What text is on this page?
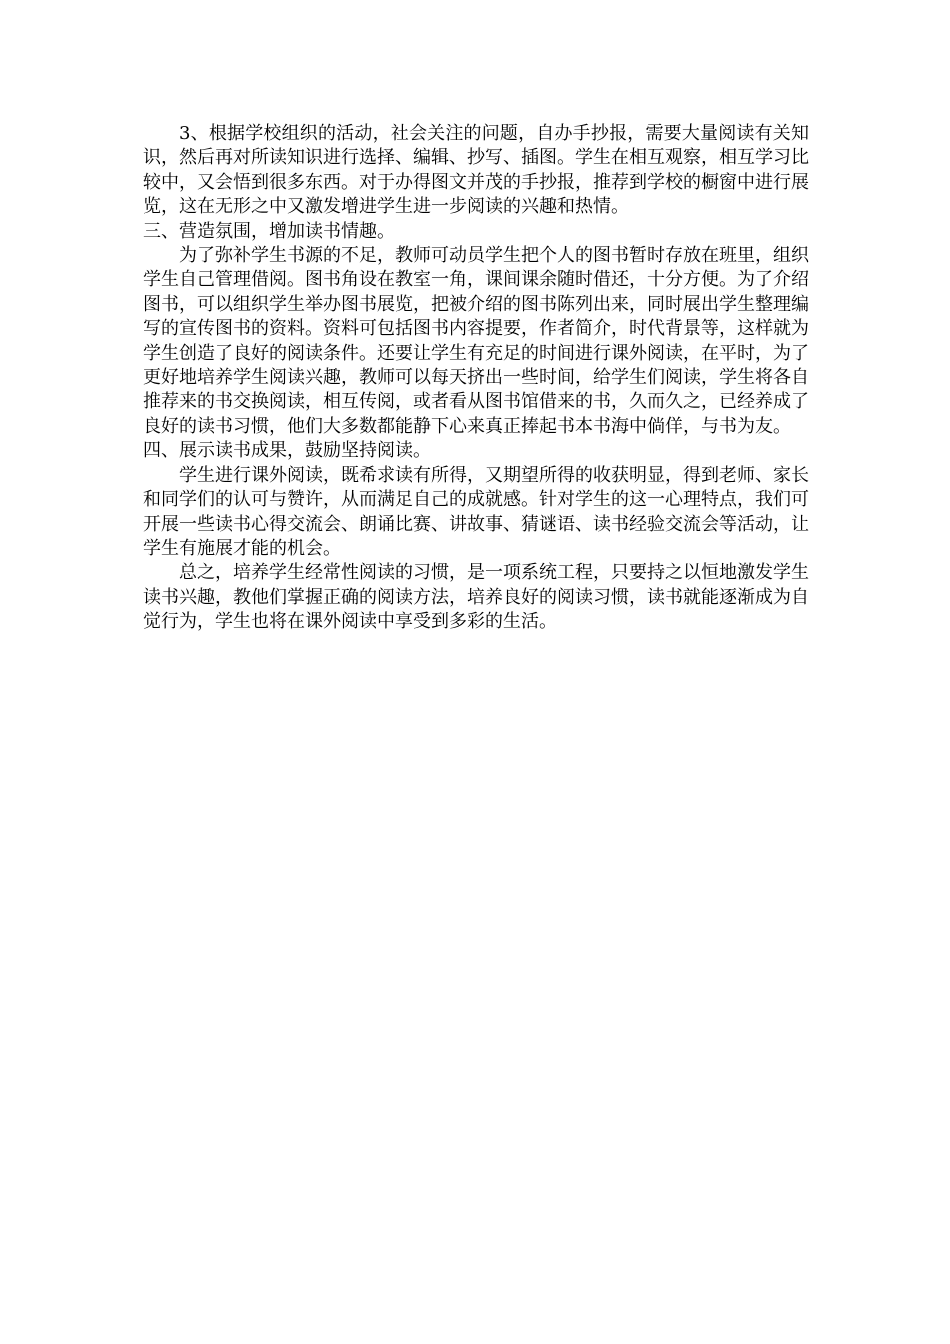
3、根据学校组织的活动，社会关注的问题，自办手抄报，需要大量阅读有关知识，然后再对所读知识进行选择、编辑、抄写、插图。学生在相互观察，相互学习比较中，又会悟到很多东西。对于办得图文并茂的手抄报，推荐到学校的橱窗中进行展览，这在无形之中又激发增进学生进一步阅读的兴趣和热情。

三、营造氛围，增加读书情趣。

为了弥补学生书源的不足，教师可动员学生把个人的图书暂时存放在班里，组织学生自己管理借阅。图书角设在教室一角，课间课余随时借还，十分方便。为了介绍图书，可以组织学生举办图书展览，把被介绍的图书陈列出来，同时展出学生整理编写的宣传图书的资料。资料可包括图书内容提要，作者简介，时代背景等，这样就为学生创造了良好的阅读条件。还要让学生有充足的时间进行课外阅读，在平时，为了更好地培养学生阅读兴趣，教师可以每天挤出一些时间，给学生们阅读，学生将各自推荐来的书交换阅读，相互传阅，或者看从图书馆借来的书，久而久之，已经养成了良好的读书习惯，他们大多数都能静下心来真正捧起书本书海中倘佯，与书为友。

四、展示读书成果，鼓励坚持阅读。

学生进行课外阅读，既希求读有所得，又期望所得的收获明显，得到老师、家长和同学们的认可与赞许，从而满足自己的成就感。针对学生的这一心理特点，我们可开展一些读书心得交流会、朗诵比赛、讲故事、猜谜语、读书经验交流会等活动，让学生有施展才能的机会。

总之，培养学生经常性阅读的习惯，是一项系统工程，只要持之以恒地激发学生读书兴趣，教他们掌握正确的阅读方法，培养良好的阅读习惯，读书就能逐渐成为自觉行为，学生也将在课外阅读中享受到多彩的生活。
